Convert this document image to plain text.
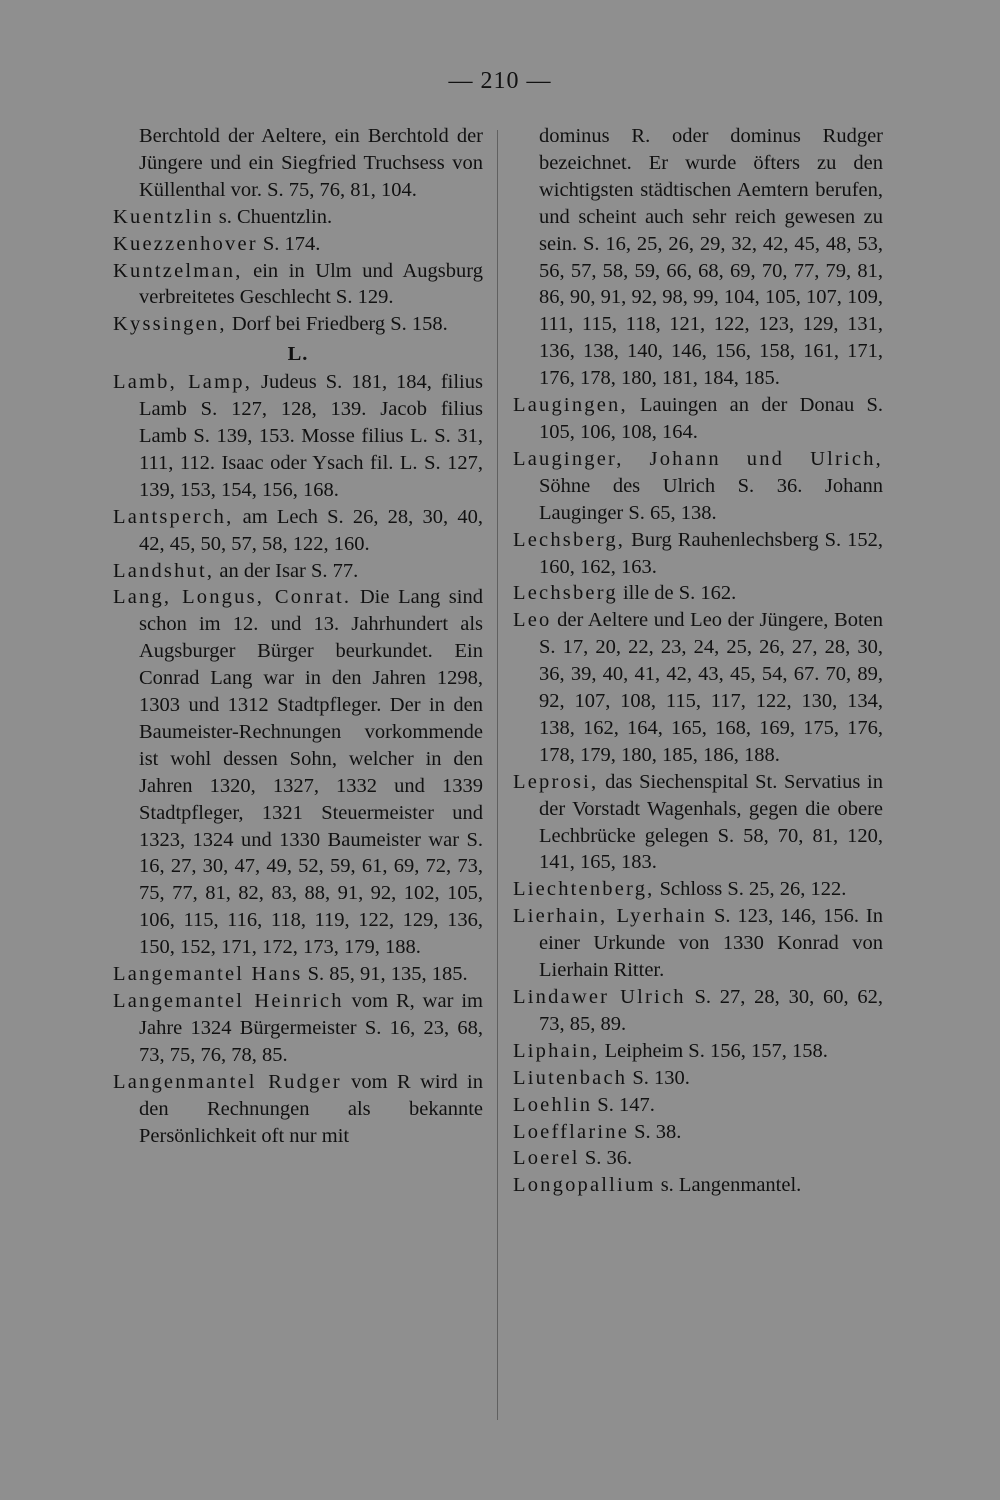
— 210 —
Berchtold der Aeltere, ein Berchtold der Jüngere und ein Siegfried Truchsess von Küllenthal vor. S. 75, 76, 81, 104.
Kuentzlin s. Chuentzlin.
Kuezzenhover S. 174.
Kuntzelman, ein in Ulm und Augsburg verbreitetes Geschlecht S. 129.
Kyssingen, Dorf bei Friedberg S. 158.
L.
Lamb, Lamp, Judeus S. 181, 184, filius Lamb S. 127, 128, 139. Jacob filius Lamb S. 139, 153. Mosse filius L. S. 31, 111, 112. Isaac oder Ysach fil. L. S. 127, 139, 153, 154, 156, 168.
Lantsperch, am Lech S. 26, 28, 30, 40, 42, 45, 50, 57, 58, 122, 160.
Landshut, an der Isar S. 77.
Lang, Longus, Conrat. Die Lang sind schon im 12. und 13. Jahrhundert als Augsburger Bürger beurkundet. Ein Conrad Lang war in den Jahren 1298, 1303 und 1312 Stadtpfleger. Der in den Baumeister-Rechnungen vorkommende ist wohl dessen Sohn, welcher in den Jahren 1320, 1327, 1332 und 1339 Stadtpfleger, 1321 Steuermeister und 1323, 1324 und 1330 Baumeister war S. 16, 27, 30, 47, 49, 52, 59, 61, 69, 72, 73, 75, 77, 81, 82, 83, 88, 91, 92, 102, 105, 106, 115, 116, 118, 119, 122, 129, 136, 150, 152, 171, 172, 173, 179, 188.
Langemantel Hans S. 85, 91, 135, 185.
Langemantel Heinrich vom R, war im Jahre 1324 Bürgermeister S. 16, 23, 68, 73, 75, 76, 78, 85.
Langenmantel Rudger vom R wird in den Rechnungen als bekannte Persönlichkeit oft nur mit
dominus R. oder dominus Rudger bezeichnet. Er wurde öfters zu den wichtigsten städtischen Aemtern berufen, und scheint auch sehr reich gewesen zu sein. S. 16, 25, 26, 29, 32, 42, 45, 48, 53, 56, 57, 58, 59, 66, 68, 69, 70, 77, 79, 81, 86, 90, 91, 92, 98, 99, 104, 105, 107, 109, 111, 115, 118, 121, 122, 123, 129, 131, 136, 138, 140, 146, 156, 158, 161, 171, 176, 178, 180, 181, 184, 185.
Laugingen, Lauingen an der Donau S. 105, 106, 108, 164.
Lauginger, Johann und Ulrich, Söhne des Ulrich S. 36. Johann Lauginger S. 65, 138.
Lechsberg, Burg Rauhenlechsberg S. 152, 160, 162, 163.
Lechsberg ille de S. 162.
Leo der Aeltere und Leo der Jüngere, Boten S. 17, 20, 22, 23, 24, 25, 26, 27, 28, 30, 36, 39, 40, 41, 42, 43, 45, 54, 67. 70, 89, 92, 107, 108, 115, 117, 122, 130, 134, 138, 162, 164, 165, 168, 169, 175, 176, 178, 179, 180, 185, 186, 188.
Leprosi, das Siechenspital St. Servatius in der Vorstadt Wagenhals, gegen die obere Lechbrücke gelegen S. 58, 70, 81, 120, 141, 165, 183.
Liechtenberg, Schloss S. 25, 26, 122.
Lierhain, Lyerhain S. 123, 146, 156. In einer Urkunde von 1330 Konrad von Lierhain Ritter.
Lindawer Ulrich S. 27, 28, 30, 60, 62, 73, 85, 89.
Liphain, Leipheim S. 156, 157, 158.
Liutenbach S. 130.
Loehlin S. 147.
Loefflarine S. 38.
Loerel S. 36.
Longopallium s. Langenmantel.
